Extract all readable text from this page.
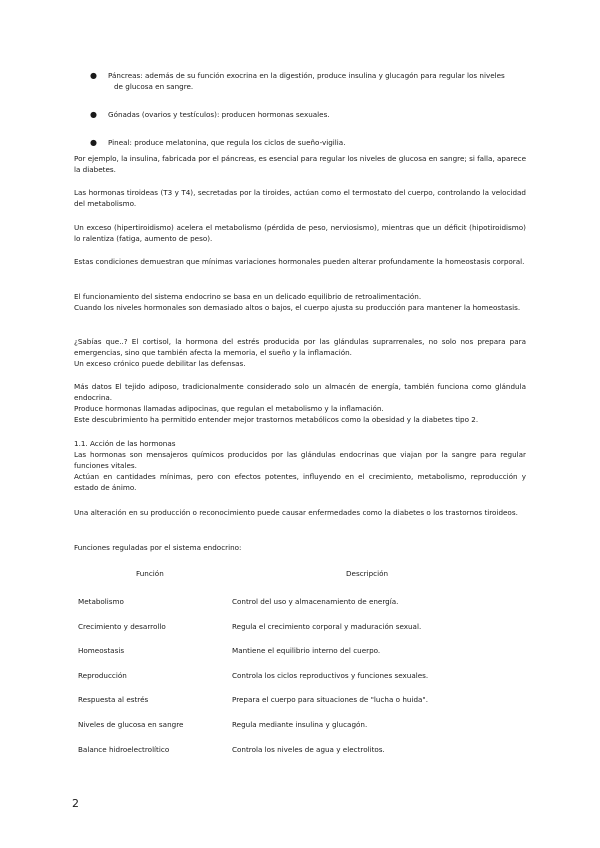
● Páncreas: además de su función exocrina en la digestión, produce insulina y glucagón para regular los niveles
de glucosa en sangre.
● Gónadas (ovarios y testículos): producen hormonas sexuales.
● Pineal: produce melatonina, que regula los ciclos de sueño-vigilia.

Por ejemplo, la insulina, fabricada por el páncreas, es esencial para regular los niveles de glucosa en sangre; si falla, aparece la diabetes.

Las hormonas tiroideas (T3 y T4), secretadas por la tiroides, actúan como el termostato del cuerpo, controlando la velocidad del metabolismo.

Un exceso (hipertiroidismo) acelera el metabolismo (pérdida de peso, nerviosismo), mientras que un déficit (hipotiroidismo) lo ralentiza (fatiga, aumento de peso).

Estas condiciones demuestran que mínimas variaciones hormonales pueden alterar profundamente la homeostasis corporal.

El funcionamiento del sistema endocrino se basa en un delicado equilibrio de retroalimentación.

Cuando los niveles hormonales son demasiado altos o bajos, el cuerpo ajusta su producción para mantener la homeostasis.

¿Sabías que..? El cortisol, la hormona del estrés producida por las glándulas suprarrenales, no solo nos prepara para emergencias, sino que también afecta la memoria, el sueño y la inflamación.

Un exceso crónico puede debilitar las defensas.

Más datos El tejido adiposo, tradicionalmente considerado solo un almacén de energía, también funciona como glándula endocrina.

Produce hormonas llamadas adipocinas, que regulan el metabolismo y la inflamación.

Este descubrimiento ha permitido entender mejor trastornos metabólicos como la obesidad y la diabetes tipo 2.

1.1. Acción de las hormonas

Las hormonas son mensajeros químicos producidos por las glándulas endocrinas que viajan por la sangre para regular funciones vitales.

Actúan en cantidades mínimas, pero con efectos potentes, influyendo en el crecimiento, metabolismo, reproducción y estado de ánimo.

Una alteración en su producción o reconocimiento puede causar enfermedades como la diabetes o los trastornos tiroideos.

Funciones reguladas por el sistema endocrino:

Función	Descripción
Metabolismo	Control del uso y almacenamiento de energía.
Crecimiento y desarrollo	Regula el crecimiento corporal y maduración sexual.
Homeostasis	Mantiene el equilibrio interno del cuerpo.
Reproducción	Controla los ciclos reproductivos y funciones sexuales.
Respuesta al estrés	Prepara el cuerpo para situaciones de "lucha o huida".
Niveles de glucosa en sangre	Regula mediante insulina y glucagón.
Balance hidroelectrolítico	Controla los niveles de agua y electrolitos.
2
